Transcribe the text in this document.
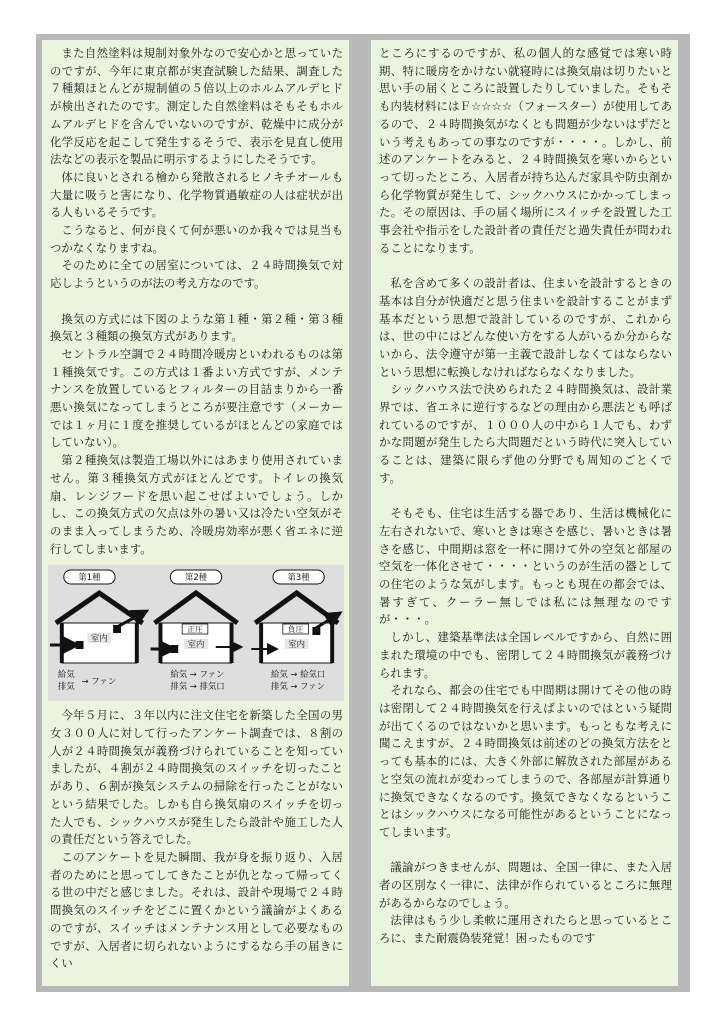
また自然塗料は規制対象外なので安心かと思っていたのですが、今年に東京都が実査試験した結果、調査した７種類ほとんどが規制値の５倍以上のホルムアルデヒドが検出されたのです。測定した自然塗料はそもそもホルムアルデヒドを含んでいないのですが、乾燥中に成分が化学反応を起こして発生するそうで、表示を見直し使用法などの表示を製品に明示するようにしたそうです。

体に良いとされる檜から発散されるヒノキチオールも大量に吸うと害になり、化学物質過敏症の人は症状が出る人もいるそうです。

こうなると、何が良くて何が悪いのか我々では見当もつかなくなりますね。

そのために全ての居室については、２４時間換気で対応しようというのが法の考え方なのです。

換気の方式には下図のような第１種・第２種・第３種換気と３種類の換気方式があります。

セントラル空調で２４時間冷暖房といわれるものは第１種換気です。この方式は１番よい方式ですが、メンテナンスを放置しているとフィルターの目詰まりから一番悪い換気になってしまうところが要注意です（メーカーでは１ヶ月に１度を推奨しているがほとんどの家庭ではしていない）。

第２種換気は製造工場以外にはあまり使用されていません。第３種換気方式がほとんどです。トイレの換気扇、レンジフードを思い起こせばよいでしょう。しかし、この換気方式の欠点は外の暑い又は冷たい空気がそのまま入ってしまうため、冷暖房効率が悪く省エネに逆行してしまいます。

第1種
室内
給気
排気 → ファン
第2種
正圧
室内
給気 → ファン
排気 → 排気口
第3種
負圧
室内
給気 → 給気口
排気 → ファン

今年５月に、３年以内に注文住宅を新築した全国の男女３００人に対して行ったアンケート調査では、８割の人が２４時間換気が義務づけられていることを知っていましたが、４割が２４時間換気のスイッチを切ったことがあり、６割が換気システムの掃除を行ったことがないという結果でした。しかも自ら換気扇のスイッチを切った人でも、シックハウスが発生したら設計や施工した人の責任だという答えでした。

このアンケートを見た瞬間、我が身を振り返り、入居者のためにと思ってしてきたことが仇となって帰ってくる世の中だと感じました。それは、設計や現場で２４時間換気のスイッチをどこに置くかという議論がよくあるのですが、スイッチはメンテナンス用として必要なものですが、入居者に切られないようにするなら手の届きにくい

ところにするのですが、私の個人的な感覚では寒い時期、特に暖房をかけない就寝時には換気扇は切りたいと思い手の届くところに設置したりしていました。そもそも内装材料にはＦ☆☆☆☆（フォースター）が使用してあるので、２４時間換気がなくとも問題が少ないはずだという考えもあっての事なのですが・・・・。しかし、前述のアンケートをみると、２４時間換気を寒いからといって切ったところ、入居者が持ち込んだ家具や防虫剤から化学物質が発生して、シックハウスにかかってしまった。その原因は、手の届く場所にスイッチを設置した工事会社や指示をした設計者の責任だと過失責任が問われることになります。

私を含めて多くの設計者は、住まいを設計するときの基本は自分が快適だと思う住まいを設計することがまず基本だという思想で設計しているのですが、これからは、世の中にはどんな使い方をする人がいるか分からないから、法令遵守が第一主義で設計しなくてはならないという思想に転換しなければならなくなりました。

シックハウス法で決められた２４時間換気は、設計業界では、省エネに逆行するなどの理由から悪法とも呼ばれているのですが、１０００人の中から１人でも、わずかな問題が発生したら大問題だという時代に突入していることは、建築に限らず他の分野でも周知のごとくです。

そもそも、住宅は生活する器であり、生活は機械化に左右されないで、寒いときは寒さを感じ、暑いときは暑さを感じ、中間期は窓を一杯に開けて外の空気と部屋の空気を一体化させて・・・・というのが生活の器としての住宅のような気がします。もっとも現在の都会では、暑すぎて、クーラー無しでは私には無理なのですが・・・。

しかし、建築基準法は全国レベルですから、自然に囲まれた環境の中でも、密閉して２４時間換気が義務づけられます。

それなら、都会の住宅でも中間期は開けてその他の時は密閉して２４時間換気を行えばよいのではという疑問が出てくるのではないかと思います。もっともな考えに聞こえますが、２４時間換気は前述のどの換気方法をとっても基本的には、大きく外部に解放された部屋があると空気の流れが変わってしまうので、各部屋が計算通りに換気できなくなるのです。換気できなくなるということはシックハウスになる可能性があるということになってしまいます。

議論がつきませんが、問題は、全国一律に、また入居者の区別なく一律に、法律が作られているところに無理があるからなのでしょう。

法律はもう少し柔軟に運用されたらと思っているところに、また耐震偽装発覚！困ったものです
